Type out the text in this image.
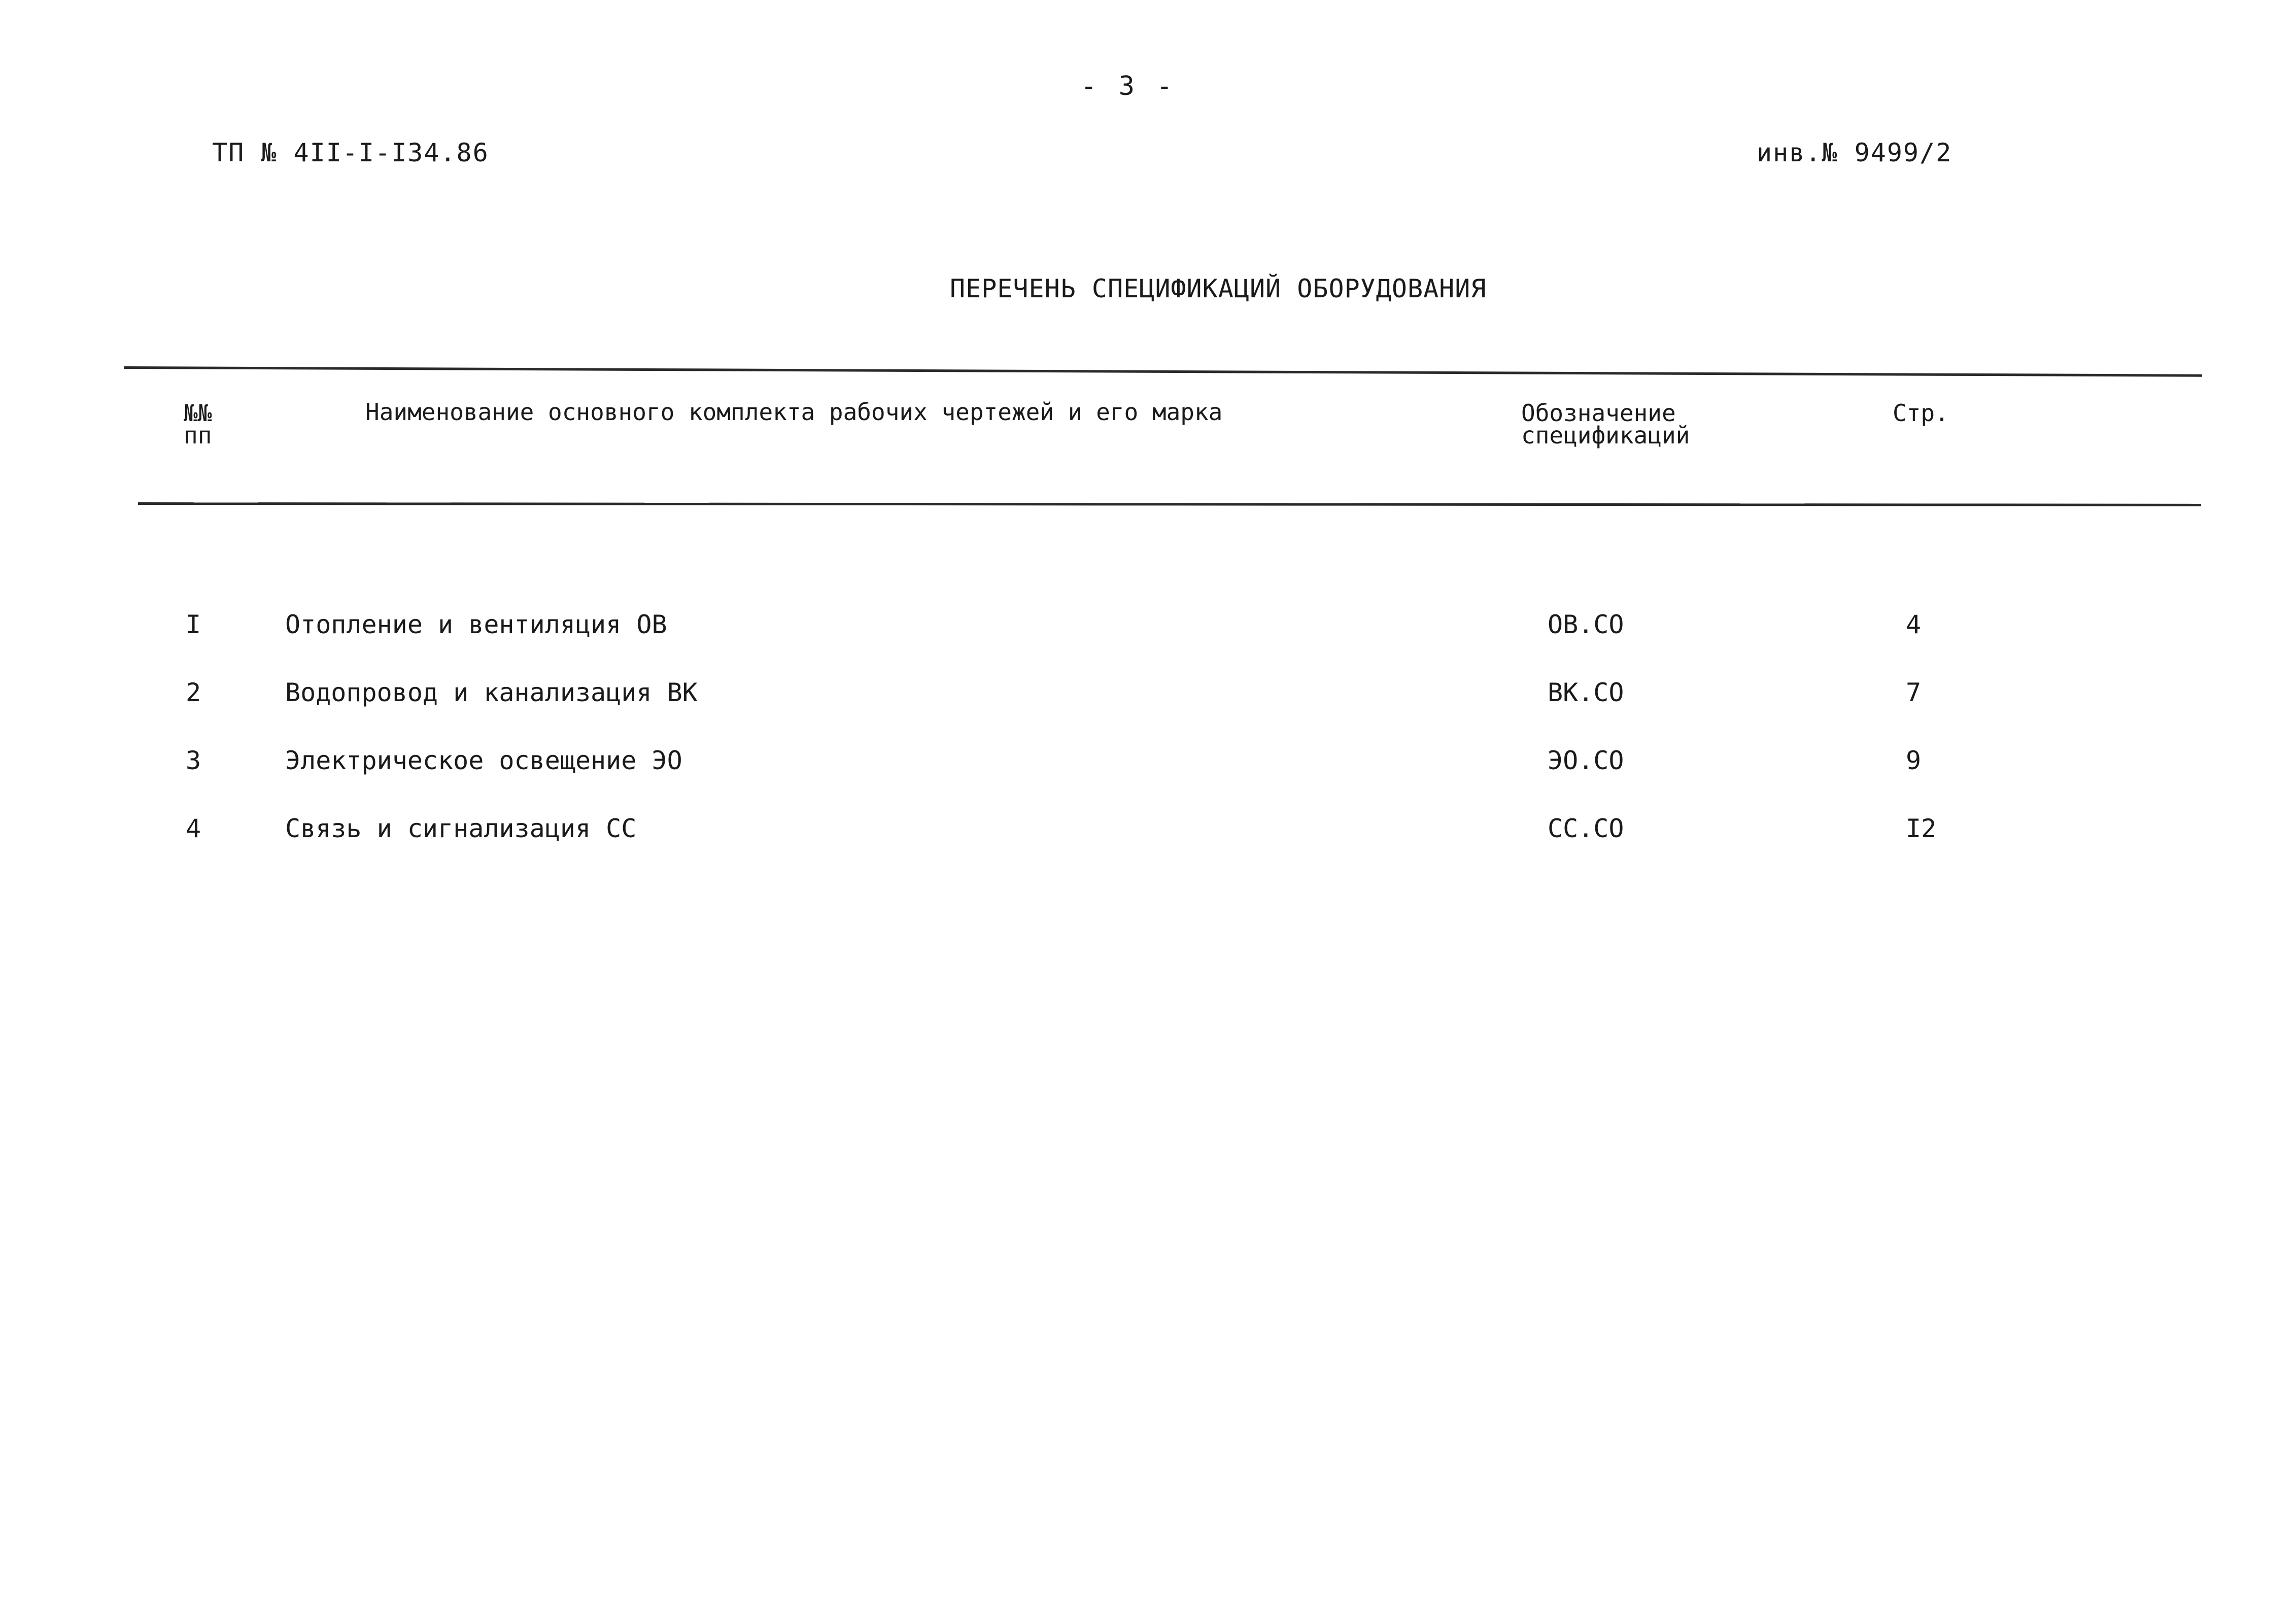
- 3 -
ТП № 4II-I-I34.86	инв.№ 9499/2
ПЕРЕЧЕНЬ СПЕЦИФИКАЦИЙ ОБОРУДОВАНИЯ
№№
пп
Наименование основного комплекта рабочих чертежей и его марка	Обозначение
спецификаций
Стр.
I	Отопление и вентиляция ОВ	ОВ.СО	4
2	Водопровод и канализация ВК	ВК.СО	7
3	Электрическое освещение ЭО	ЭО.СО	9
4	Связь и сигнализация СС	СС.СО	I2
